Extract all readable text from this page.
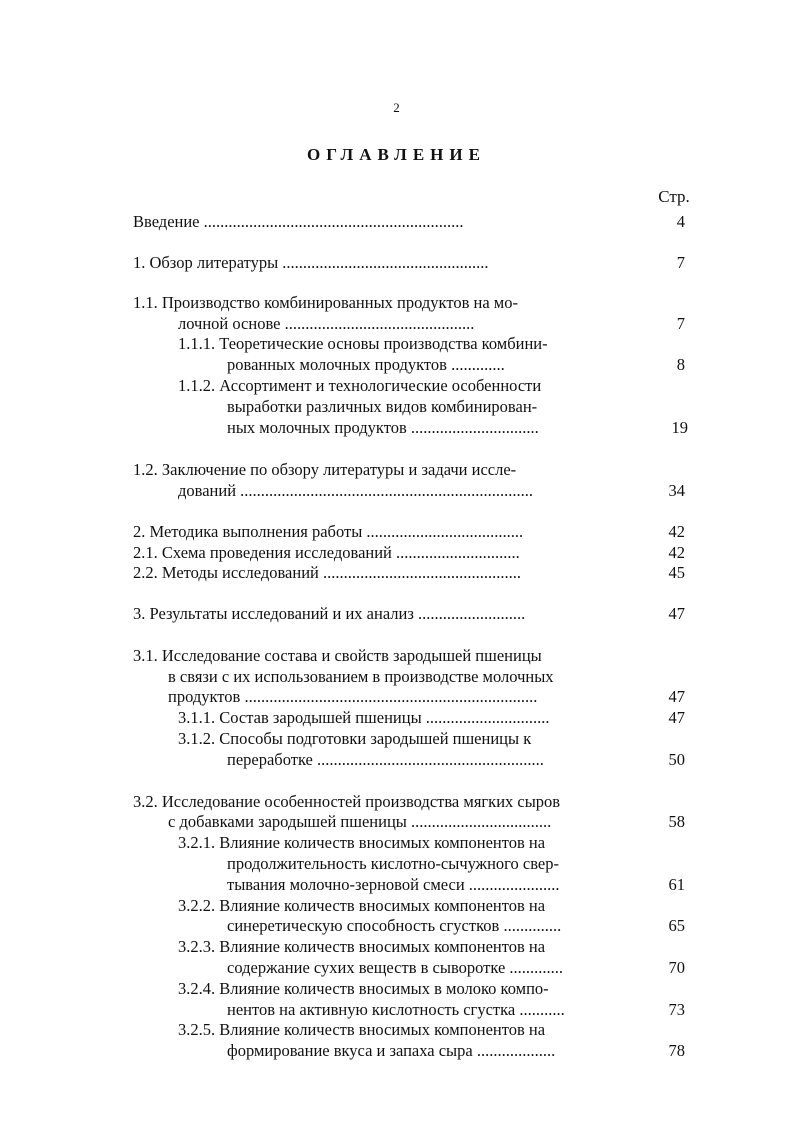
2
ОГЛАВЛЕНИЕ
Стр.
Введение ...............................................................	4
1. Обзор литературы ..................................................	7
1.1. Производство комбинированных продуктов на мо-
лочной основе ..............................................	7
1.1.1. Теоретические основы производства комбини-
рованных молочных продуктов .............	8
1.1.2. Ассортимент и технологические особенности
выработки различных видов комбинирован-
ных молочных продуктов ...............................	19
1.2. Заключение по обзору литературы и задачи иссле-
дований .......................................................................	34
2. Методика выполнения работы ......................................	42
2.1. Схема проведения исследований ..............................	42
2.2. Методы исследований ................................................	45
3. Результаты исследований и их анализ ..........................	47
3.1. Исследование состава и свойств зародышей пшеницы
в связи с их использованием в производстве молочных
продуктов .......................................................................	47
3.1.1. Состав зародышей пшеницы ..............................	47
3.1.2. Способы подготовки зародышей пшеницы к
переработке .......................................................	50
3.2. Исследование особенностей производства мягких сыров
с добавками зародышей пшеницы ..................................	58
3.2.1. Влияние количеств вносимых компонентов на
продолжительность кислотно-сычужного свер-
тывания молочно-зерновой смеси ......................	61
3.2.2. Влияние количеств вносимых компонентов на
синеретическую способность сгустков ..............	65
3.2.3. Влияние количеств вносимых компонентов на
содержание сухих веществ в сыворотке .............	70
3.2.4. Влияние количеств вносимых в молоко компо-
нентов на активную кислотность сгустка ...........	73
3.2.5. Влияние количеств вносимых компонентов на
формирование вкуса и запаха сыра ...................	78
